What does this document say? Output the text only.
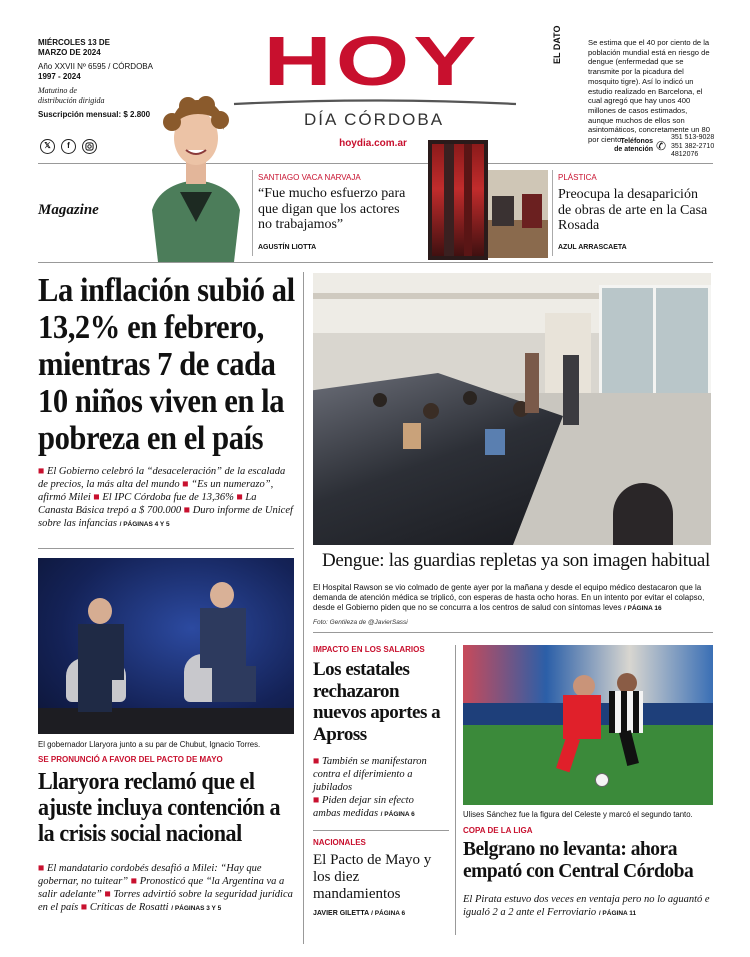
MIÉRCOLES 13 DE
MARZO DE 2024
Año XXVII Nº 6595 / CÓRDOBA
1997 - 2024
Matutino de
distribución dirigida
Suscripción mensual: $ 2.800
𝕏	f
HOY
DÍA CÓRDOBA
hoydia.com.ar
EL DATO	Se estima que el 40 por ciento de la población mundial está en riesgo de dengue (enfermedad que se transmite por la picadura del mosquito tigre). Así lo indicó un estudio realizado en Barcelona, el cual agregó que hay unos 400 millones de casos estimados, aunque muchos de ellos son asintomáticos, concretamente un 80 por ciento.	✆
Teléfonos
de atención
351 513-9028
351 382-2710
4812076
Magazine
SANTIAGO VACA NARVAJA
“Fue mucho esfuerzo para que digan que los actores no trabajamos”
AGUSTÍN LIOTTA
PLÁSTICA
Preocupa la desaparición de obras de arte en la Casa Rosada
AZUL ARRASCAETA
La inflación subió al 13,2% en febrero, mientras 7 de cada 10 niños viven en la pobreza en el país
■ El Gobierno celebró la “desaceleración” de la escalada de precios, la más alta del mundo ■ “Es un numerazo”, afirmó Milei ■ El IPC Córdoba fue de 13,36% ■ La Canasta Básica trepó a $ 700.000 ■ Duro informe de Unicef sobre las infancias / PÁGINAS 4 Y 5
Dengue: las guardias repletas ya son imagen habitual
El Hospital Rawson se vio colmado de gente ayer por la mañana y desde el equipo médico destacaron que la demanda de atención médica se triplicó, con esperas de hasta ocho horas. En un intento por evitar el colapso, desde el Gobierno piden que no se concurra a los centros de salud con síntomas leves / PÁGINA 16
Foto: Gentileza de @JavierSassi
El gobernador Llaryora junto a su par de Chubut, Ignacio Torres.
SE PRONUNCIÓ A FAVOR DEL PACTO DE MAYO
Llaryora reclamó que el ajuste incluya contención a la crisis social nacional
■ El mandatario cordobés desafió a Milei: “Hay que gobernar, no tuitear” ■ Pronosticó que “la Argentina va a salir adelante” ■ Torres advirtió sobre la seguridad jurídica en el país ■ Críticas de Rosatti / PÁGINAS 3 Y 5
IMPACTO EN LOS SALARIOS
Los estatales rechazaron nuevos aportes a Apross
■ También se manifestaron contra el diferimiento a jubilados
■ Piden dejar sin efecto ambas medidas / PÁGINA 6
NACIONALES
El Pacto de Mayo y los diez mandamientos
JAVIER GILETTA / PÁGINA 6
Ulises Sánchez fue la figura del Celeste y marcó el segundo tanto.
COPA DE LA LIGA
Belgrano no levanta: ahora empató con Central Córdoba
El Pirata estuvo dos veces en ventaja pero no lo aguantó e igualó 2 a 2 ante el Ferroviario / PÁGINA 11
